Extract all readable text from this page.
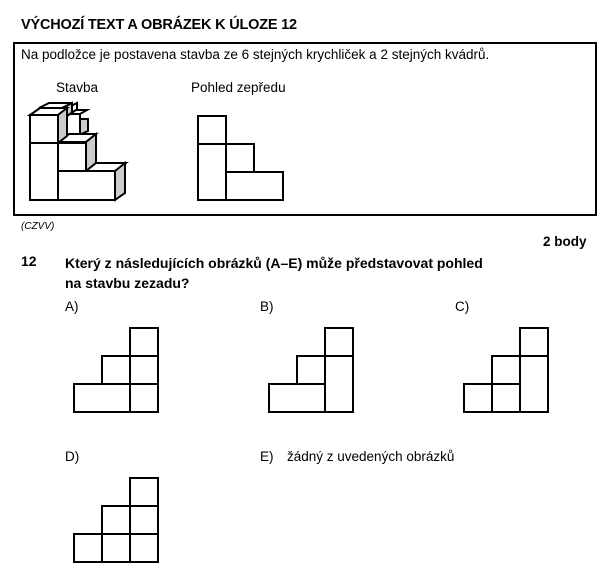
VÝCHOZÍ TEXT A OBRÁZEK K ÚLOZE 12
Na podložce je postavena stavba ze 6 stejných krychliček a 2 stejných kvádrů.
Stavba	Pohled zepředu
(CZVV)
2 body
12 Který z následujících obrázků (A–E) může představovat pohled
na stavbu zezadu?
A)	B)	C)
D)	E) žádný z uvedených obrázků
